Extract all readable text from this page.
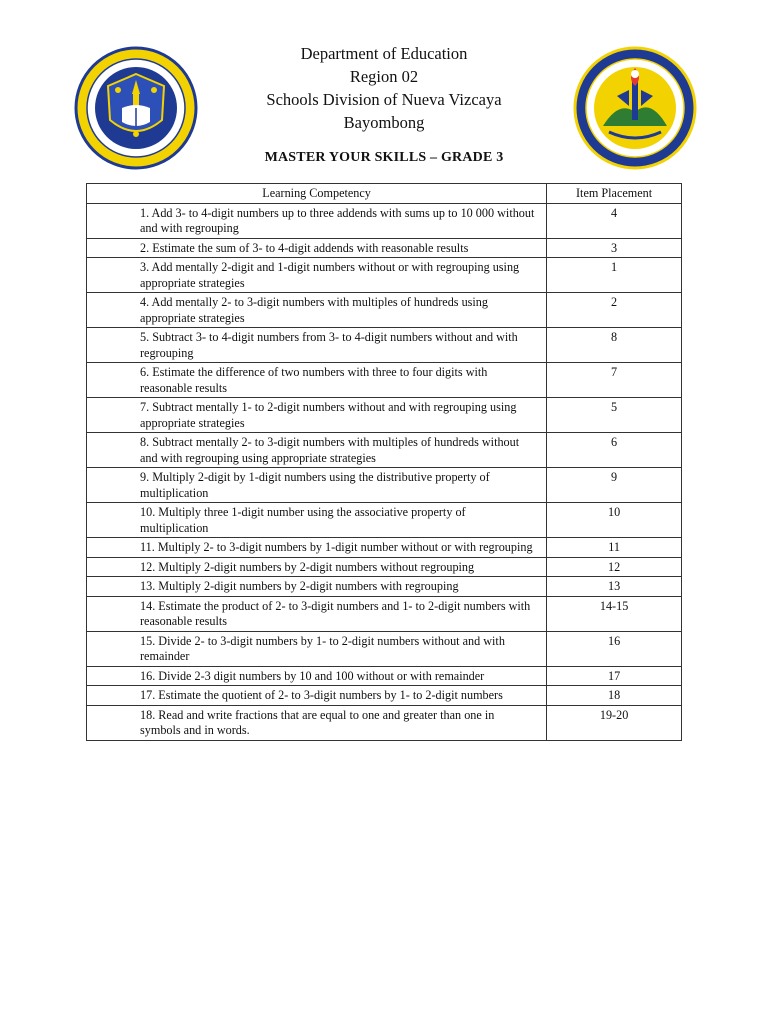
Department of Education
Region 02
Schools Division of Nueva Vizcaya
Bayombong
MASTER YOUR SKILLS – GRADE 3
Learning Competency	Item Placement
1. Add 3- to 4-digit numbers up to three addends with sums up to 10 000 without and with regrouping	4
2. Estimate the sum of 3- to 4-digit addends with reasonable results	3
3. Add mentally 2-digit and 1-digit numbers without or with regrouping using appropriate strategies	1
4. Add mentally 2- to 3-digit numbers with multiples of hundreds using appropriate strategies	2
5. Subtract 3- to 4-digit numbers from 3- to 4-digit numbers without and with regrouping	8
6. Estimate the difference of two numbers with three to four digits with reasonable results	7
7. Subtract mentally 1- to 2-digit numbers without and with regrouping using appropriate strategies	5
8. Subtract mentally 2- to 3-digit numbers with multiples of hundreds without and with regrouping using appropriate strategies	6
9. Multiply 2-digit by 1-digit numbers using the distributive property of multiplication	9
10. Multiply three 1-digit number using the associative property of multiplication	10
11. Multiply 2- to 3-digit numbers by 1-digit number without or with regrouping	11
12. Multiply 2-digit numbers by 2-digit numbers without regrouping	12
13. Multiply 2-digit numbers by 2-digit numbers with regrouping	13
14. Estimate the product of 2- to 3-digit numbers and 1- to 2-digit numbers with reasonable results	14-15
15. Divide 2- to 3-digit numbers by 1- to 2-digit numbers without and with remainder	16
16. Divide 2-3 digit numbers by 10 and 100 without or with remainder	17
17. Estimate the quotient of 2- to 3-digit numbers by 1- to 2-digit numbers	18
18. Read and write fractions that are equal to one and greater than one in symbols and in words.	19-20
